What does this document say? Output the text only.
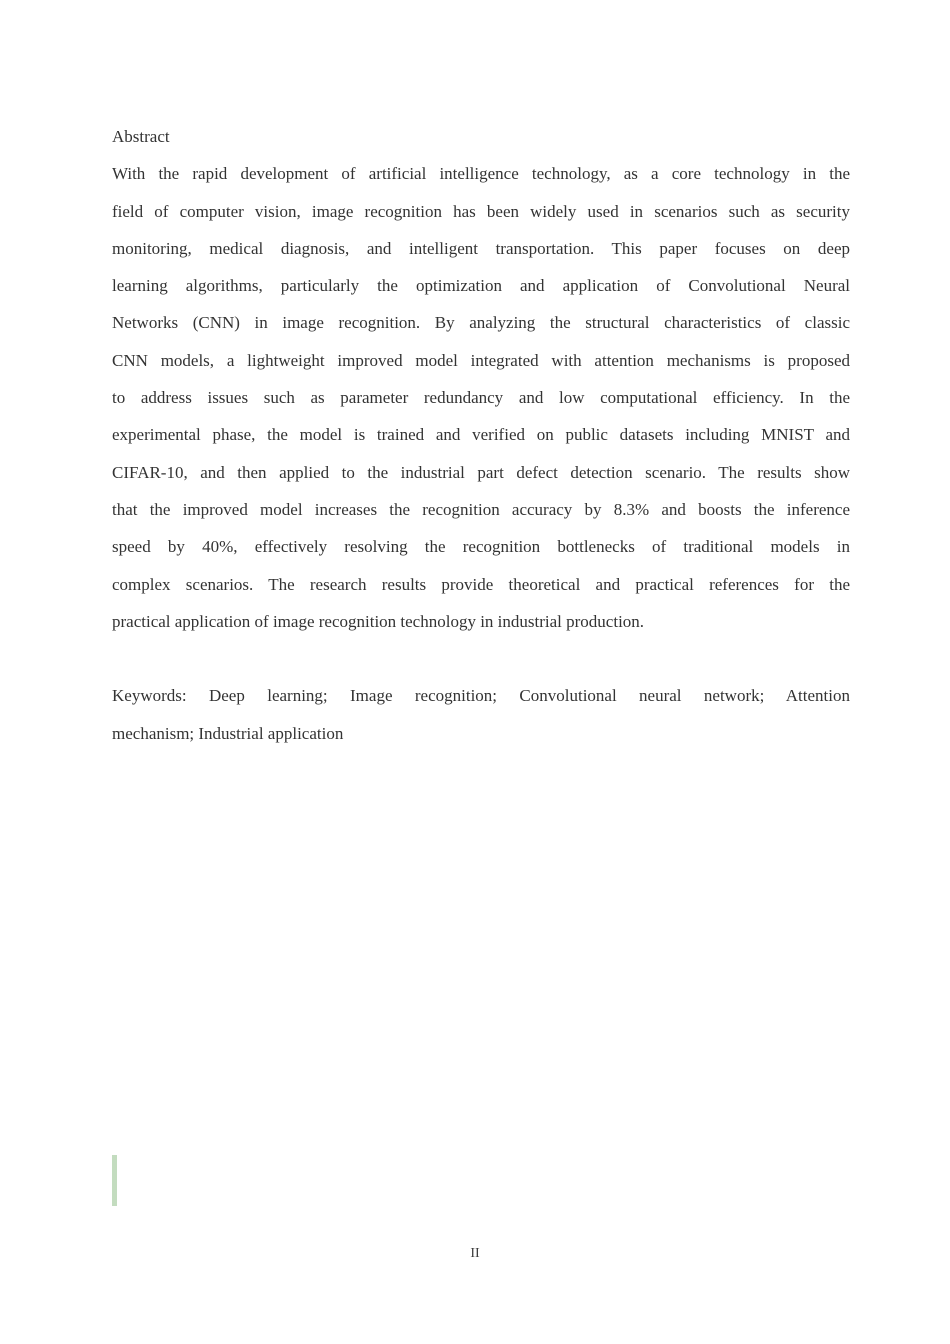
Abstract
With the rapid development of artificial intelligence technology, as a core technology in the
field of computer vision, image recognition has been widely used in scenarios such as security
monitoring, medical diagnosis, and intelligent transportation. This paper focuses on deep
learning algorithms, particularly the optimization and application of Convolutional Neural
Networks (CNN) in image recognition. By analyzing the structural characteristics of classic
CNN models, a lightweight improved model integrated with attention mechanisms is proposed
to address issues such as parameter redundancy and low computational efficiency. In the
experimental phase, the model is trained and verified on public datasets including MNIST and
CIFAR-10, and then applied to the industrial part defect detection scenario. The results show
that the improved model increases the recognition accuracy by 8.3% and boosts the inference
speed by 40%, effectively resolving the recognition bottlenecks of traditional models in
complex scenarios. The research results provide theoretical and practical references for the
practical application of image recognition technology in industrial production.
Keywords: Deep learning; Image recognition; Convolutional neural network; Attention
mechanism; Industrial application
II
